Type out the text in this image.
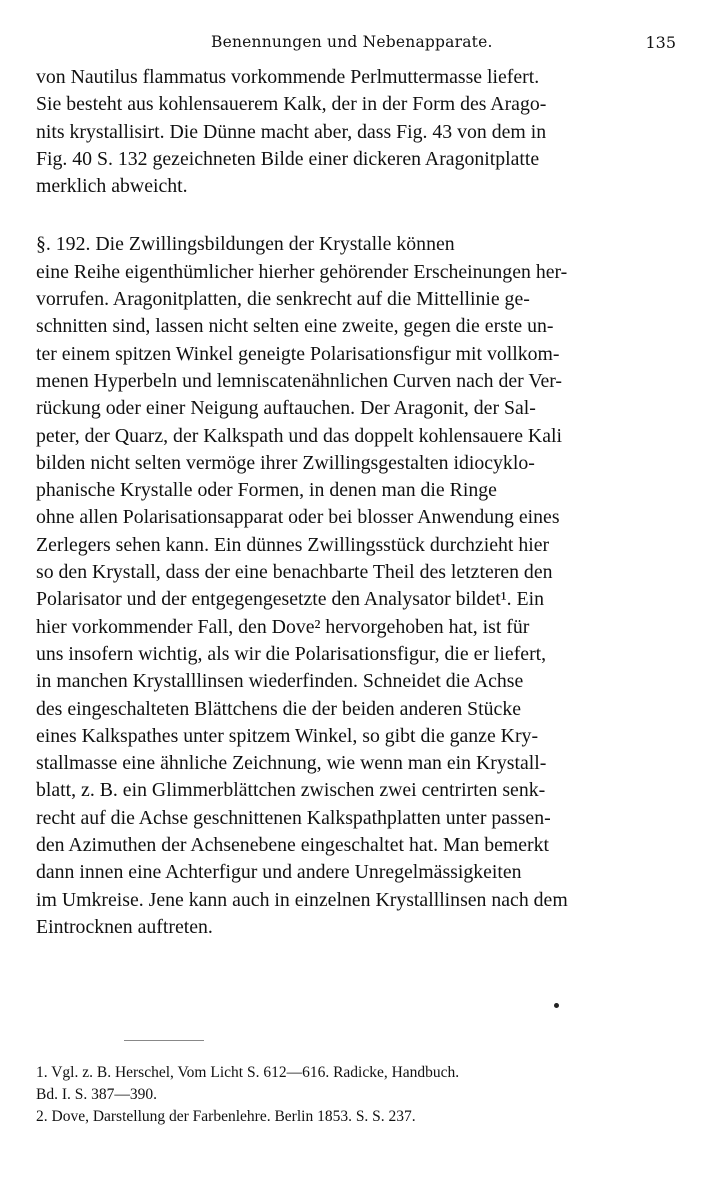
Benennungen und Nebenapparate.	135

von Nautilus flammatus vorkommende Perlmuttermasse liefert.
Sie besteht aus kohlensauerem Kalk, der in der Form des Arago-
nits krystallisirt. Die Dünne macht aber, dass Fig. 43 von dem in
Fig. 40 S. 132 gezeichneten Bilde einer dickeren Aragonitplatte
merklich abweicht.

§. 192. Die Zwillingsbildungen der Krystalle können
eine Reihe eigenthümlicher hierher gehörender Erscheinungen her-
vorrufen. Aragonitplatten, die senkrecht auf die Mittellinie ge-
schnitten sind, lassen nicht selten eine zweite, gegen die erste un-
ter einem spitzen Winkel geneigte Polarisationsfigur mit vollkom-
menen Hyperbeln und lemniscatenähnlichen Curven nach der Ver-
rückung oder einer Neigung auftauchen. Der Aragonit, der Sal-
peter, der Quarz, der Kalkspath und das doppelt kohlensauere Kali
bilden nicht selten vermöge ihrer Zwillingsgestalten idiocyklo-
phanische Krystalle oder Formen, in denen man die Ringe
ohne allen Polarisationsapparat oder bei blosser Anwendung eines
Zerlegers sehen kann. Ein dünnes Zwillingsstück durchzieht hier
so den Krystall, dass der eine benachbarte Theil des letzteren den
Polarisator und der entgegengesetzte den Analysator bildet¹. Ein
hier vorkommender Fall, den Dove² hervorgehoben hat, ist für
uns insofern wichtig, als wir die Polarisationsfigur, die er liefert,
in manchen Krystalllinsen wiederfinden. Schneidet die Achse
des eingeschalteten Blättchens die der beiden anderen Stücke
eines Kalkspathes unter spitzem Winkel, so gibt die ganze Kry-
stallmasse eine ähnliche Zeichnung, wie wenn man ein Krystall-
blatt, z. B. ein Glimmerblättchen zwischen zwei centrirten senk-
recht auf die Achse geschnittenen Kalkspathplatten unter passen-
den Azimuthen der Achsenebene eingeschaltet hat. Man bemerkt
dann innen eine Achterfigur und andere Unregelmässigkeiten
im Umkreise. Jene kann auch in einzelnen Krystalllinsen nach dem
Eintrocknen auftreten.

1. Vgl. z. B. Herschel, Vom Licht S. 612—616. Radicke, Handbuch.
Bd. I. S. 387—390.

2. Dove, Darstellung der Farbenlehre. Berlin 1853. S. S. 237.
